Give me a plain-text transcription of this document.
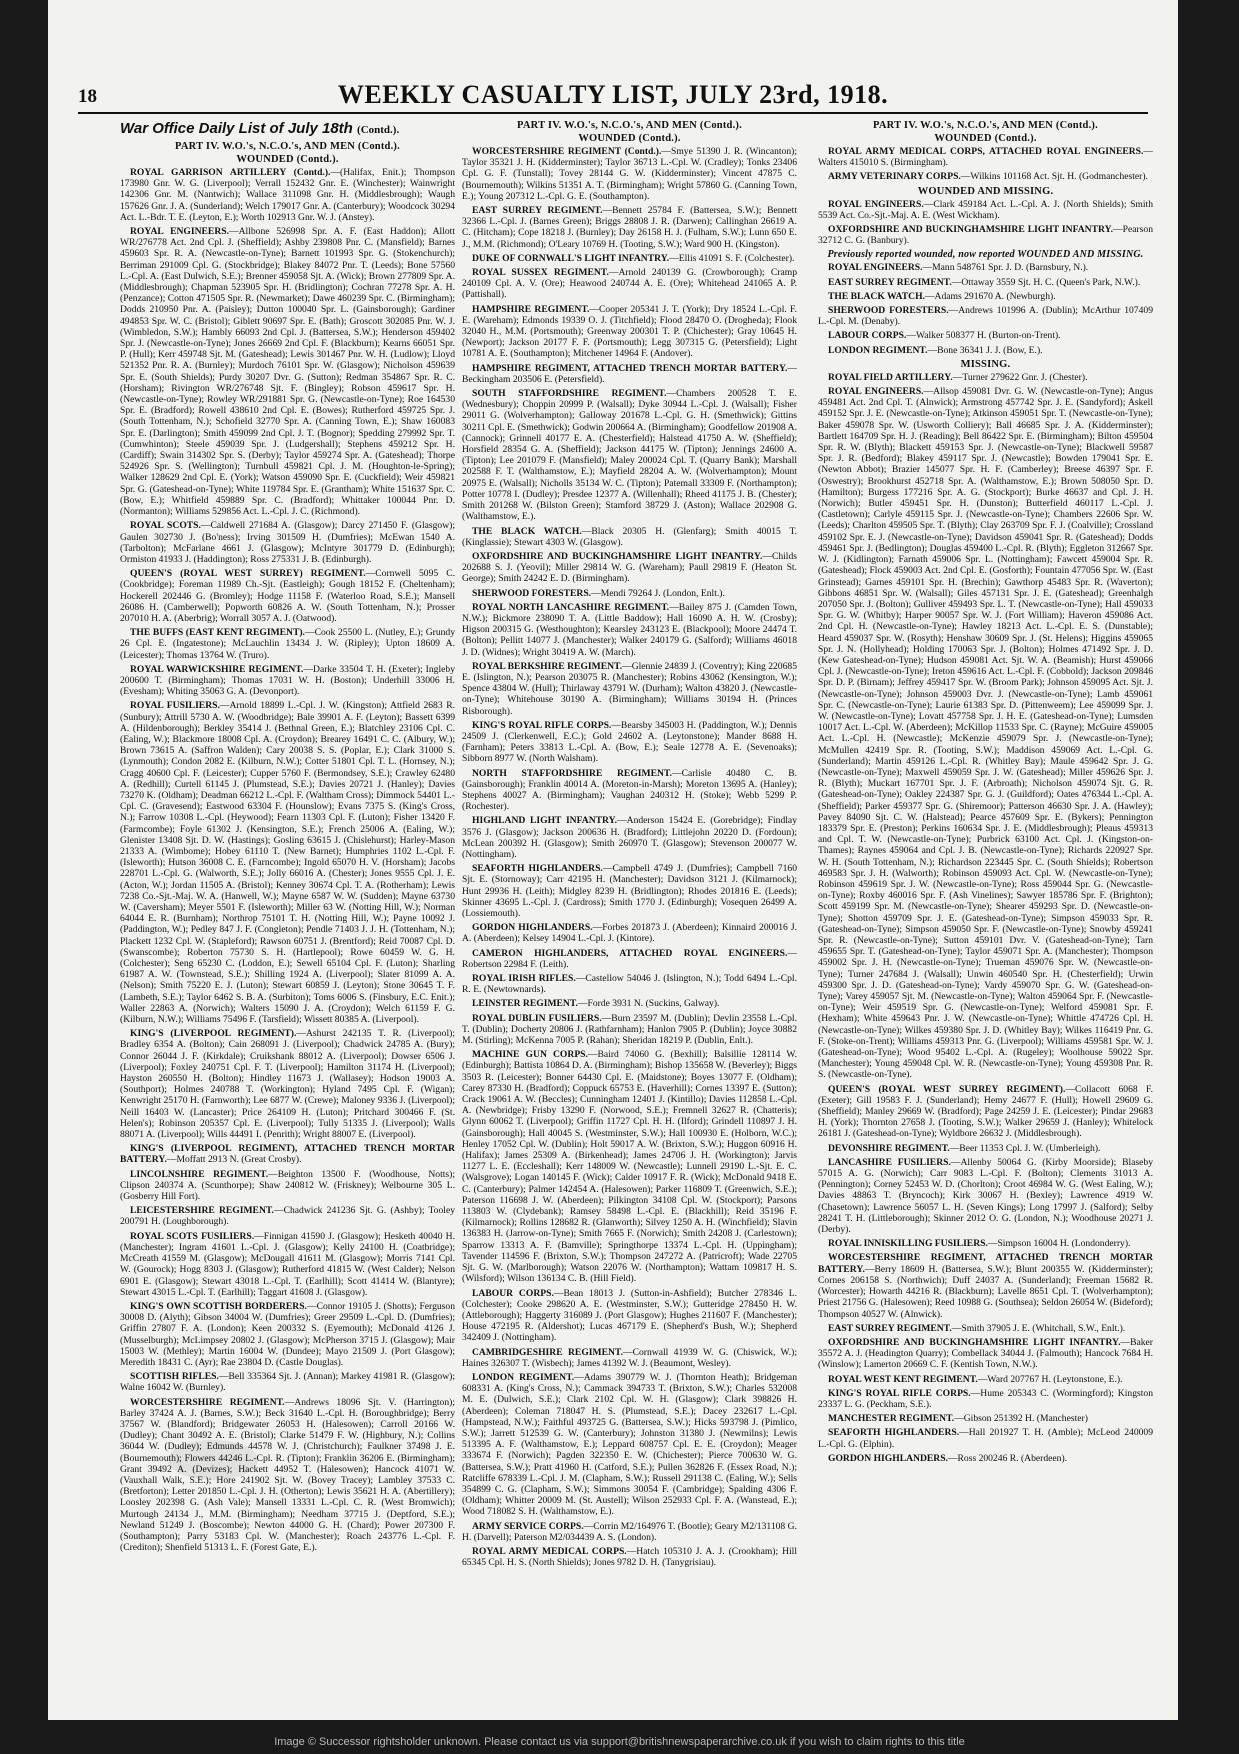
18	WEEKLY CASUALTY LIST, JULY 23rd, 1918.
War Office Daily List of July 18th (Contd.).
PART IV. W.O.'s, N.C.O.'s, AND MEN (Contd.).
WOUNDED (Contd.).

ROYAL GARRISON ARTILLERY (Contd.).—(Halifax, Enit.); Thompson 173980 Gnr. W. G. (Liverpool); Verrall 152432 Gnr. E. (Winchester); Wainwright 142306 Gnr. M. (Nantwich); Wallace 311098 Gnr. H. (Middlesbrough); Waugh 157626 Gnr. J. A. (Sunderland); Welch 179017 Gnr. A. (Canterbury); Woodcock 30294 Act. L.-Bdr. T. E. (Leyton, E.); Worth 102913 Gnr. W. J. (Anstey).

ROYAL ENGINEERS.—Allbone 526998 Spr. A. F. (East Haddon); Allott WR/276778 Act. 2nd Cpl. J. (Sheffield); Ashby 239808 Pnr. C. (Mansfield); Barnes 459603 Spr. R. A. (Newcastle-on-Tyne); Barnett 101993 Spr. G. (Stokenchurch); Berriman 291009 Cpl. G. (Stockbridge); Blakey 84072 Pnr. T. (Leeds); Bone 57560 L.-Cpl. A. (East Dulwich, S.E.); Brenner 459058 Sjt. A. (Wick); Brown 277809 Spr. A. (Middlesbrough); Chapman 523905 Spr. H. (Bridlington); Cochran 77278 Spr. A. H. (Penzance); Cotton 471505 Spr. R. (Newmarket); Dawe 460239 Spr. C. (Birmingham); Dodds 210950 Pnr. A. (Paisley); Dutton 100040 Spr. L. (Gainsborough); Gardiner 494853 Spr. W. C. (Bristol); Giblett 90697 Spr. E. (Bath); Groscott 302085 Pnr. W. J. (Wimbledon, S.W.); Hambly 66093 2nd Cpl. J. (Battersea, S.W.); Henderson 459402 Spr. J. (Newcastle-on-Tyne); Jones 26669 2nd Cpl. F. (Blackburn); Kearns 66051 Spr. P. (Hull); Kerr 459748 Sjt. M. (Gateshead); Lewis 301467 Pnr. W. H. (Ludlow); Lloyd 521352 Pnr. R. A. (Burnley); Murdoch 76101 Spr. W. (Glasgow); Nicholson 459639 Spr. E. (South Shields); Purdy 30207 Dvr. G. (Sutton); Redman 354867 Spr. R. C. (Horsham); Rivington WR/276748 Sjt. F. (Bingley); Robson 459617 Spr. H. (Newcastle-on-Tyne); Rowley WR/291881 Spr. G. (Newcastle-on-Tyne); Roe 164530 Spr. E. (Bradford); Rowell 438610 2nd Cpl. E. (Bowes); Rutherford 459725 Spr. J. (South Tottenham, N.); Schofield 32770 Spr. A. (Canning Town, E.); Shaw 160083 Spr. E. (Darlington); Smith 459099 2nd Cpl. J. T. (Bognor); Spedding 279992 Spr. T. (Cumwhinton); Steele 459039 Spr. J. (Ludgershall); Stephens 459212 Spr. H. (Cardiff); Swain 314302 Spr. S. (Derby); Taylor 459274 Spr. A. (Gateshead); Thorpe 524926 Spr. S. (Wellington); Turnbull 459821 Cpl. J. M. (Houghton-le-Spring); Walker 128629 2nd Cpl. E. (York); Watson 459090 Spr. E. (Cuckfield); Weir 459821 Spr. G. (Gateshead-on-Tyne); White 119784 Spr. E. (Grantham); White 151637 Spr. C. (Bow, E.); Whitfield 459889 Spr. C. (Bradford); Whittaker 100044 Pnr. D. (Normanton); Williams 529856 Act. L.-Cpl. J. C. (Richmond).

ROYAL SCOTS.—Caldwell 271684 A. (Glasgow); Darcy 271450 F. (Glasgow); Gaulen 302730 J. (Bo'ness); Irving 301509 H. (Dumfries); McEwan 1540 A. (Tarbolton); McFarlane 4661 J. (Glasgow); McIntyre 301779 D. (Edinburgh); Ormiston 41933 J. (Haddington); Ross 275331 J. B. (Edinburgh).

QUEEN'S (ROYAL WEST SURREY) REGIMENT.—Cornwell 5095 C. (Cookbridge); Foreman 11989 Ch.-Sjt. (Eastleigh); Gough 18152 F. (Cheltenham); Hockerell 202446 G. (Bromley); Hodge 11158 F. (Waterloo Road, S.E.); Mansell 26086 H. (Camberwell); Popworth 60826 A. W. (South Tottenham, N.); Prosser 207010 H. A. (Aberbrig); Worrall 3057 A. J. (Oatwood).

THE BUFFS (EAST KENT REGIMENT).—Cook 25500 L. (Nutley, E.); Grundy 26 Cpl. E. (Ingatestone); McLauchlin 13434 J. W. (Ripley); Upton 18609 A. (Leicester); Thomas 13764 W. (Truro).

ROYAL WARWICKSHIRE REGIMENT.—Darke 33504 T. H. (Exeter); Ingleby 200600 T. (Birmingham); Thomas 17031 W. H. (Boston); Underhill 33006 H. (Evesham); Whiting 35063 G. A. (Devonport).

ROYAL FUSILIERS.—Arnold 18899 L.-Cpl. J. W. (Kingston); Attfield 2683 R. (Sunbury); Attrill 5730 A. W. (Woodbridge); Bale 39901 A. F. (Leyton); Bassett 6399 A. (Hildenborough); Berkley 35414 J. (Bethnal Green, E.); Blatchley 23106 Cpl. C. (Ealing, W.); Blackmore 18008 Cpl. A. (Croydon); Brearey 16491 C. C. (Albury, W.); Brown 73615 A. (Saffron Walden); Cary 20038 S. S. (Poplar, E.); Clark 31000 S. (Lynmouth); Condon 2082 E. (Kilburn, N.W.); Cotter 51801 Cpl. T. L. (Hornsey, N.); Cragg 40600 Cpl. F. (Leicester); Cupper 5760 F. (Bermondsey, S.E.); Crawley 62480 A. (Redhill); Curtell 61145 J. (Plumstead, S.E.); Davies 20721 J. (Hanley); Davies 73270 K. (Oldham); Deadman 66212 L.-Cpl. F. (Waltham Cross); Dimmock 54401 L.-Cpl. C. (Gravesend); Eastwood 63304 F. (Hounslow); Evans 7375 S. (King's Cross, N.); Farrow 10308 L.-Cpl. (Heywood); Fearn 11303 Cpl. F. (Luton); Fisher 13420 F. (Farmcombe); Foyle 61302 J. (Kensington, S.E.); French 25006 A. (Ealing, W.); Glenister 13408 Sjt. D. W. (Hastings); Gosling 63615 J. (Chislehurst); Harley-Mason 21333 A. (Wimbome); Hobey 61110 T. (New Barnet); Humphries 1102 L.-Cpl. F. (Isleworth); Hutson 36008 C. E. (Farncombe); Ingold 65070 H. V. (Horsham); Jacobs 228701 L.-Cpl. G. (Walworth, S.E.); Jolly 66016 A. (Chester); Jones 9555 Cpl. J. E. (Acton, W.); Jordan 11505 A. (Bristol); Kenney 30674 Cpl. T. A. (Rotherham); Lewis 7238 Co.-Sjt.-Maj. W. A. (Hanwell, W.); Mayne 6587 W. W. (Sudden); Mayne 63730 W. (Caversham); Meyer 5501 F. (Isleworth); Miller 63 W. (Notting Hill, W.); Norman 64044 E. R. (Burnham); Northrop 75101 T. H. (Notting Hill, W.); Payne 10092 J. (Paddington, W.); Pedley 847 J. F. (Congleton); Pendle 71403 J. J. H. (Tottenham, N.); Plackett 1232 Cpl. W. (Stapleford); Rawson 60751 J. (Brentford); Reid 70087 Cpl. D. (Swanscombe); Roberton 75730 S. H. (Hartlepool); Rowe 60459 W. G. H. (Colchester); Seng 65230 C. (Loddon, E.); Sewell 65104 Cpl. F. (Luton); Sharling 61987 A. W. (Townstead, S.E.); Shilling 1924 A. (Liverpool); Slater 81099 A. A. (Nelson); Smith 75220 E. J. (Luton); Stewart 60859 J. (Leyton); Stone 30645 T. F. (Lambeth, S.E.); Taylor 6462 S. B. A. (Surbiton); Toms 6006 S. (Finsbury, E.C. Enit.); Waller 22863 A. (Norwich); Walters 15090 J. A. (Croydon); Welch 61159 F. G. (Kilburn, N.W.); Williams 75496 F. (Tarsfield); Wissett 80385 A. (Liverpool).

KING'S (LIVERPOOL REGIMENT).—Ashurst 242135 T. R. (Liverpool); Bradley 6354 A. (Bolton); Cain 268091 J. (Liverpool); Chadwick 24785 A. (Bury); Connor 26044 J. F. (Kirkdale); Cruikshank 88012 A. (Liverpool); Dowser 6506 J. (Liverpool); Foxley 240751 Cpl. F. T. (Liverpool); Hamilton 31174 H. (Liverpool); Hayston 260550 H. (Bolton); Hindley 11673 J. (Wallasey); Hodson 19003 A. (Southport); Holmes 240788 T. (Workington); Hyland 7495 Cpl. F. (Wigan); Kenwright 25170 H. (Farnworth); Lee 6877 W. (Crewe); Maloney 9336 J. (Liverpool); Neill 16403 W. (Lancaster); Price 264109 H. (Luton); Pritchard 300466 F. (St. Helen's); Robinson 205357 Cpl. E. (Liverpool); Tully 51335 J. (Liverpool); Walls 88071 A. (Liverpool); Wills 44491 I. (Penrith); Wright 88007 E. (Liverpool).

KING'S (LIVERPOOL REGIMENT), ATTACHED TRENCH MORTAR BATTERY.—Moffatt 2913 N. (Great Crosby).

LINCOLNSHIRE REGIMENT.—Beighton 13500 F. (Woodhouse, Notts); Clipson 240374 A. (Scunthorpe); Shaw 240812 W. (Friskney); Welbourne 305 L. (Gosberry Hill Fort).

LEICESTERSHIRE REGIMENT.—Chadwick 241236 Sjt. G. (Ashby); Tooley 200791 H. (Loughborough).

ROYAL SCOTS FUSILIERS.—Finnigan 41590 J. (Glasgow); Hesketh 40040 H. (Manchester); Ingram 41601 L.-Cpl. J. (Glasgow); Kelly 24100 H. (Coatbridge); McCreath 41559 M. (Glasgow); McDougall 41611 M. (Glasgow); Morris 7141 Cpl. W. (Gourock); Hogg 8303 J. (Glasgow); Rutherford 41815 W. (West Calder); Nelson 6901 E. (Glasgow); Stewart 43018 L.-Cpl. T. (Earlhill); Scott 41414 W. (Blantyre); Stewart 43015 L.-Cpl. T. (Earlhill); Taggart 41608 J. (Glasgow).

KING'S OWN SCOTTISH BORDERERS.—Connor 19105 J. (Shotts); Ferguson 30008 D. (Alyth); Gibson 34004 W. (Dumfries); Greer 29509 L.-Cpl. D. (Dumfries); Griffin 27807 F. A. (London); Keen 200332 S. (Eyemouth); McDonald 4126 J. (Musselburgh); McLimpsey 20802 J. (Glasgow); McPherson 3715 J. (Glasgow); Mair 15003 W. (Methley); Martin 16004 W. (Dundee); Mayo 21509 J. (Port Glasgow); Meredith 18431 C. (Ayr); Rae 23804 D. (Castle Douglas).

SCOTTISH RIFLES.—Bell 335364 Sjt. J. (Annan); Markey 41981 R. (Glasgow); Walne 16042 W. (Burnley).

WORCESTERSHIRE REGIMENT.—Andrews 18096 Sjt. V. (Harrington); Barley 37424 A. J. (Barnes, S.W.); Beck 31640 L.-Cpl. H. (Boroughbridge); Berry 37567 W. (Blandford); Bridgewater 26053 H. (Halesowen); Carroll 20166 W. (Dudley); Chant 30492 A. E. (Bristol); Clarke 51479 F. W. (Highbury, N.); Collins 36044 W. (Dudley); Edmunds 44578 W. J. (Christchurch); Faulkner 37498 J. E. (Bournemouth); Flowers 44246 L.-Cpl. R. (Tipton); Franklin 36206 E. (Birmingham); Grant 39492 A. (Devizes); Hackett 44952 T. (Halesowen); Hancock 41071 W. (Vauxhall Walk, S.E.); Hore 241902 Sjt. W. (Bovey Tracey); Lambley 37533 C. (Bretforton); Letter 201850 L.-Cpl. J. H. (Otherton); Lewis 35621 H. A. (Abertillery); Loosley 202398 G. (Ash Vale); Mansell 13331 L.-Cpl. C. R. (West Bromwich); Murtough 24134 J., M.M. (Birmingham); Needham 37715 J. (Deptford, S.E.); Newland 51249 J. (Boscombe); Newton 44000 G. H. (Chard); Power 207300 F. (Southampton); Parry 53183 Cpl. W. (Manchester); Roach 243776 L.-Cpl. F. (Crediton); Shenfield 51313 L. F. (Forest Gate, E.).

PART IV. W.O.'s, N.C.O.'s, AND MEN (Contd.).
WOUNDED (Contd.).

WORCESTERSHIRE REGIMENT (Contd.).—Smye 51390 J. R. (Wincanton); Taylor 35321 J. H. (Kidderminster); Taylor 36713 L.-Cpl. W. (Cradley); Tonks 23406 Cpl. G. F. (Tunstall); Tovey 28144 G. W. (Kidderminster); Vincent 47875 C. (Bournemouth); Wilkins 51351 A. T. (Birmingham); Wright 57860 G. (Canning Town, E.); Young 207312 L.-Cpl. G. E. (Southampton).

EAST SURREY REGIMENT.—Bennett 25784 F. (Battersea, S.W.); Bennett 32366 L.-Cpl. J. (Barnes Green); Briggs 28808 J. R. (Darwen); Callinghan 26619 A. C. (Hitcham); Cope 18218 J. (Burnley); Day 26158 H. J. (Fulham, S.W.); Lunn 650 E. J., M.M. (Richmond); O'Leary 10769 H. (Tooting, S.W.); Ward 900 H. (Kingston).

DUKE OF CORNWALL'S LIGHT INFANTRY.—Ellis 41091 S. F. (Colchester).

ROYAL SUSSEX REGIMENT.—Arnold 240139 G. (Crowborough); Cramp 240109 Cpl. A. V. (Ore); Heawood 240744 A. E. (Ore); Whitehead 241065 A. P. (Pattishall).

HAMPSHIRE REGIMENT.—Cooper 205341 J. T. (York); Dry 18524 L.-Cpl. F. E. (Wareham); Edmonds 19339 O. J. (Titchfield); Flood 28470 O. (Drogheda); Flook 32040 H., M.M. (Portsmouth); Greenway 200301 T. P. (Chichester); Gray 10645 H. (Newport); Jackson 20177 F. F. (Portsmouth); Legg 307315 G. (Petersfield); Light 10781 A. E. (Southampton); Mitchener 14964 F. (Andover).

HAMPSHIRE REGIMENT, ATTACHED TRENCH MORTAR BATTERY.—Beckingham 203506 E. (Petersfield).

SOUTH STAFFORDSHIRE REGIMENT.—Chambers 200528 T. E. (Wednesbury); Choppin 20999 P. (Walsall); Dyke 30944 L.-Cpl. J. (Walsall); Fisher 29011 G. (Wolverhampton); Galloway 201678 L.-Cpl. G. H. (Smethwick); Gittins 30211 Cpl. E. (Smethwick); Godwin 200664 A. (Birmingham); Goodfellow 201908 A. (Cannock); Grinnell 40177 E. A. (Chesterfield); Halstead 41750 A. W. (Sheffield); Horsfield 28354 G. A. (Sheffield); Jackson 44175 W. (Tipton); Jennings 24600 A. (Tipton); Lee 201079 F. (Mansfield); Maley 200024 Cpl. T. (Quarry Bank); Marshall 202588 F. T. (Walthamstow, E.); Mayfield 28204 A. W. (Wolverhampton); Mount 20975 E. (Walsall); Nicholls 35134 W. C. (Tipton); Patemall 33309 F. (Northampton); Potter 10778 I. (Dudley); Presdee 12377 A. (Willenhall); Rheed 41175 J. B. (Chester); Smith 201268 W. (Bilston Green); Stamford 38729 J. (Aston); Wallace 202908 G. (Walthamstow, E.).

THE BLACK WATCH.—Black 20305 H. (Glenfarg); Smith 40015 T. (Kinglassie); Stewart 4303 W. (Glasgow).

OXFORDSHIRE AND BUCKINGHAMSHIRE LIGHT INFANTRY.—Childs 202688 S. J. (Yeovil); Miller 29814 W. G. (Wareham); Paull 29819 F. (Heaton St. George); Smith 24242 E. D. (Birmingham).

SHERWOOD FORESTERS.—Mendi 79264 J. (London, Enlt.).

ROYAL NORTH LANCASHIRE REGIMENT.—Bailey 875 J. (Camden Town, N.W.); Bickmore 238090 T. A. (Little Baddow); Hall 16090 A. H. W. (Crosby); Higson 200315 G. (Westhoughton); Kearsley 243123 E. (Blackpool); Moore 24474 T. (Bolton); Pellitt 14077 J. (Manchester); Walker 240179 G. (Salford); Williams 46018 J. D. (Widnes); Wright 30419 A. W. (March).

ROYAL BERKSHIRE REGIMENT.—Glennie 24839 J. (Coventry); King 220685 E. (Islington, N.); Pearson 203075 R. (Manchester); Robins 43062 (Kensington, W.); Spence 43804 W. (Hull); Thirlaway 43791 W. (Durham); Walton 43820 J. (Newcastle-on-Tyne); Whitehouse 30190 A. (Birmingham); Williams 30194 H. (Princes Risborough).

KING'S ROYAL RIFLE CORPS.—Bearsby 345003 H. (Paddington, W.); Dennis 24509 J. (Clerkenwell, E.C.); Gold 24602 A. (Leytonstone); Mander 8688 H. (Farnham); Peters 33813 L.-Cpl. A. (Bow, E.); Seale 12778 A. E. (Sevenoaks); Sibborn 8977 W. (North Walsham).

NORTH STAFFORDSHIRE REGIMENT.—Carlisle 40480 C. B. (Gainsborough); Franklin 40014 A. (Moreton-in-Marsh); Moreton 13695 A. (Hanley); Stephens 40027 A. (Birmingham); Vaughan 240312 H. (Stoke); Webb 5299 P. (Rochester).

HIGHLAND LIGHT INFANTRY.—Anderson 15424 E. (Gorebridge); Findlay 3576 J. (Glasgow); Jackson 200636 H. (Bradford); Littlejohn 20220 D. (Fordoun); McLean 200392 H. (Glasgow); Smith 260970 T. (Glasgow); Stevenson 200077 W. (Nottingham).

SEAFORTH HIGHLANDERS.—Campbell 4749 J. (Dumfries); Campbell 7160 Sjt. E. (Stornoway); Carr 42195 H. (Manchester); Davidson 3121 J. (Kilmarnock); Hunt 29936 H. (Leith); Midgley 8239 H. (Bridlington); Rhodes 201816 E. (Leeds); Skinner 43695 L.-Cpl. J. (Cardross); Smith 1770 J. (Edinburgh); Vosequen 26499 A. (Lossiemouth).

GORDON HIGHLANDERS.—Forbes 201873 J. (Aberdeen); Kinnaird 200016 J. A. (Aberdeen); Kelsey 14904 L.-Cpl. J. (Kintore).

CAMERON HIGHLANDERS, ATTACHED ROYAL ENGINEERS.—Robertson 22984 F. (Leith).

ROYAL IRISH RIFLES.—Castellow 54046 J. (Islington, N.); Todd 6494 L.-Cpl. R. E. (Newtownards).

LEINSTER REGIMENT.—Forde 3931 N. (Suckins, Galway).

ROYAL DUBLIN FUSILIERS.—Burn 23597 M. (Dublin); Devlin 23558 L.-Cpl. T. (Dublin); Docherty 20806 J. (Rathfarnham); Hanlon 7905 P. (Dublin); Joyce 30882 M. (Stirling); McKenna 7005 P. (Rahan); Sheridan 18219 P. (Dublin, Enlt.).

MACHINE GUN CORPS.—Baird 74060 G. (Bexhill); Balsillie 128114 W. (Edinburgh); Battista 10864 D. A. (Birmingham); Bishop 135658 W. (Beverley); Biggs 3503 R. (Leicester); Bonner 64430 Cpl. E. (Maidstone); Boyes 13077 F. (Oldham); Carey 87330 H. (Bradford); Coppuck 65753 E. (Haverhill); Cornes 13397 E. (Sutton); Crack 19061 A. W. (Beccles); Cunningham 12401 J. (Kintillo); Davies 112858 L.-Cpl. A. (Newbridge); Frisby 13290 F. (Norwood, S.E.); Fremnell 32627 R. (Chatteris); Glynn 60062 T. (Liverpool); Griffin 11727 Cpl. H. H. (Ilford); Grindell 110897 J. H. (Gainsborough); Hall 40045 S. (Westminster, S.W.); Hall 100930 E. (Holborn, W.C.); Henley 17052 Cpl. W. (Dublin); Holt 59017 A. W. (Brixton, S.W.); Huggon 60916 H. (Halifax); James 25309 A. (Birkenhead); James 24706 J. H. (Workington); Jarvis 11277 L. E. (Eccleshall); Kerr 148009 W. (Newcastle); Lunnell 29190 L.-Sjt. E. C. (Walsgrove); Logan 140145 F. (Wick); Calder 10917 F. R. (Wick); McDonald 9418 E. C. (Canterbury); Palmer 142454 A. (Halesowen); Parker 116809 T. (Greenwich, S.E.); Paterson 116698 J. W. (Aberdeen); Pilkington 34108 Cpl. W. (Stockport); Parsons 113803 W. (Clydebank); Ramsey 58498 L.-Cpl. E. (Blackhill); Reid 35196 F. (Kilmarnock); Rollins 128682 R. (Glanworth); Silvey 1250 A. H. (Winchfield); Slavin 136383 H. (Jarrow-on-Tyne); Smith 7665 F. (Norwich); Smith 24208 J. (Carlestown); Sparrow 13313 A. F. (Bamville); Springthorpe 13374 L.-Cpl. H. (Uppingham); Tavender 114596 F. (Brixton, S.W.); Thompson 247272 A. (Patricroft); Wade 22705 Sjt. G. W. (Marlborough); Watson 22076 W. (Northampton); Wattam 109817 H. S. (Wilsford); Wilson 136134 C. B. (Hill Field).

LABOUR CORPS.—Bean 18013 J. (Sutton-in-Ashfield); Butcher 278346 L. (Colchester); Cooke 298620 A. E. (Westminster, S.W.); Gutteridge 278450 H. W. (Attleborough); Haggerty 316089 J. (Port Glasgow); Hughes 211607 F. (Manchester); House 472195 R. (Aldershot); Lucas 467179 E. (Shepherd's Bush, W.); Shepherd 342409 J. (Nottingham).

CAMBRIDGESHIRE REGIMENT.—Cornwall 41939 W. G. (Chiswick, W.); Haines 326307 T. (Wisbech); James 41392 W. J. (Beaumont, Wesley).

LONDON REGIMENT.—Adams 390779 W. J. (Thornton Heath); Bridgeman 608331 A. (King's Cross, N.); Cammack 394733 T. (Brixton, S.W.); Charles 532008 M. E. (Dulwich, S.E.); Clark 2102 Cpl. W. H. (Glasgow); Clark 398826 H. (Aberdeen); Coleman 718047 H. S. (Plumstead, S.E.); Dacey 232617 L.-Cpl. (Hampstead, N.W.); Faithful 493725 G. (Battersea, S.W.); Hicks 593798 J. (Pimlico, S.W.); Jarrett 512539 G. W. (Canterbury); Johnston 31380 J. (Newmilns); Lewis 513395 A. F. (Walthamstow, E.); Leppard 608757 Cpl. E. E. (Croydon); Meager 333674 F. (Norwich); Pagden 322350 E. W. (Chichester); Pierce 700630 W. G. (Battersea, S.W.); Pratt 41960 H. (Catford, S.E.); Pullen 362826 F. (Essex Road, N.); Ratcliffe 678339 L.-Cpl. J. M. (Clapham, S.W.); Russell 291138 C. (Ealing, W.); Sells 354899 C. G. (Clapham, S.W.); Simmons 30054 F. (Cambridge); Spalding 4306 F. (Oldham); Whitter 20009 M. (St. Austell); Wilson 252933 Cpl. F. A. (Wanstead, E.); Wood 718082 S. H. (Walthamstow, E.).

ARMY SERVICE CORPS.—Corrin M2/164976 T. (Bootle); Geary M2/131108 G. H. (Darvell); Paterson M2/034439 A. S. (London).

ROYAL ARMY MEDICAL CORPS.—Hatch 105310 J. A. J. (Crookham); Hill 65345 Cpl. H. S. (North Shields); Jones 9782 D. H. (Tanygrisiau).

PART IV. W.O.'s, N.C.O.'s, AND MEN (Contd.).
WOUNDED (Contd.).

ROYAL ARMY MEDICAL CORPS, ATTACHED ROYAL ENGINEERS.—Walters 415010 S. (Birmingham).

ARMY VETERINARY CORPS.—Wilkins 101168 Act. Sjt. H. (Godmanchester).

WOUNDED AND MISSING.

ROYAL ENGINEERS.—Clark 459184 Act. L.-Cpl. A. J. (North Shields); Smith 5539 Act. Co.-Sjt.-Maj. A. E. (West Wickham).

OXFORDSHIRE AND BUCKINGHAMSHIRE LIGHT INFANTRY.—Pearson 32712 C. G. (Banbury).

Previously reported wounded, now reported WOUNDED AND MISSING.

ROYAL ENGINEERS.—Mann 548761 Spr. J. D. (Barnsbury, N.).

EAST SURREY REGIMENT.—Ottaway 3559 Sjt. H. C. (Queen's Park, N.W.).

THE BLACK WATCH.—Adams 291670 A. (Newburgh).

SHERWOOD FORESTERS.—Andrews 101996 A. (Dublin); McArthur 107409 L.-Cpl. M. (Denaby).

LABOUR CORPS.—Walker 508377 H. (Burton-on-Trent).

LONDON REGIMENT.—Bone 36341 J. J. (Bow, E.).

MISSING.

ROYAL FIELD ARTILLERY.—Turner 279622 Gnr. J. (Chester).

ROYAL ENGINEERS.—Allsop 459081 Dvr. G. W. (Newcastle-on-Tyne); Angus 459481 Act. 2nd Cpl. T. (Alnwick); Armstrong 457742 Spr. J. E. (Sandyford); Askell 459152 Spr. J. E. (Newcastle-on-Tyne); Atkinson 459051 Spr. T. (Newcastle-on-Tyne); Baker 459078 Spr. W. (Usworth Colliery); Ball 46685 Spr. J. A. (Kidderminster); Bartlett 164709 Spr. H. J. (Reading); Bell 86422 Spr. E. (Birmingham); Bilton 459504 Spr. R. W. (Blyth); Blackett 459153 Spr. J. (Newcastle-on-Tyne); Blackwell 59587 Spr. J. R. (Bedford); Blakey 459117 Spr. J. (Newcastle); Bowden 179041 Spr. E. (Newton Abbot); Brazier 145077 Spr. H. F. (Camberley); Breese 46397 Spr. F. (Oswestry); Brookhurst 452718 Spr. A. (Walthamstow, E.); Brown 508050 Spr. D. (Hamilton); Burgess 177216 Spr. A. G. (Stockport); Burke 46637 and Cpl. J. H. (Norwich); Butler 459451 Spr. H. (Dunston); Butterfield 460117 L.-Cpl. J. (Castletown); Carlyle 459115 Spr. J. (Newcastle-on-Tyne); Chambers 22606 Spr. W. (Leeds); Charlton 459505 Spr. T. (Blyth); Clay 263709 Spr. F. J. (Coalville); Crossland 459102 Spr. E. J. (Newcastle-on-Tyne); Davidson 459041 Spr. R. (Gateshead); Dodds 459461 Spr. J. (Bedlington); Douglas 459400 L.-Cpl. R. (Blyth); Eggleton 312667 Spr. W. J. (Kidlington); Farnath 459006 Spr. L. (Nottingham); Fawcett 459004 Spr. R. (Gateshead); Flock 459003 Act. 2nd Cpl. E. (Gosforth); Fountain 477056 Spr. W. (East Grinstead); Garnes 459101 Spr. H. (Brechin); Gawthorp 45483 Spr. R. (Waverton); Gibbons 46851 Spr. W. (Walsall); Giles 457131 Spr. J. E. (Gateshead); Greenhalgh 207050 Spr. J. (Bolton); Gulliver 459493 Spr. L. T. (Newcastle-on-Tyne); Hall 459033 Spr. G. W. (Whitby); Harper 90057 Spr. W. J. (Fort William); Haveron 459086 Act. 2nd Cpl. H. (Newcastle-on-Tyne); Hawley 18213 Act. L.-Cpl. E. S. (Dunstable); Heard 459037 Spr. W. (Rosyth); Henshaw 30609 Spr. J. (St. Helens); Higgins 459065 Spr. J. N. (Hollyhead); Holding 170063 Spr. J. (Bolton); Holmes 471492 Spr. J. D. (Kew Gateshead-on-Tyne); Hudson 459081 Act. Sjt. W. A. (Beamish); Hurst 459066 Cpl. J. (Newcastle-on-Tyne); Ireton 459616 Act. L.-Cpl. F. (Cobbold); Jackson 209846 Spr. D. P. (Birnam); Jeffrey 459417 Spr. W. (Broom Park); Johnson 459095 Act. Sjt. J. (Newcastle-on-Tyne); Johnson 459003 Dvr. J. (Newcastle-on-Tyne); Lamb 459061 Spr. C. (Newcastle-on-Tyne); Laurie 61383 Spr. D. (Pittenweem); Lee 459099 Spr. J. W. (Newcastle-on-Tyne); Lovatt 457758 Spr. J. H. E. (Gateshead-on-Tyne); Lumsden 10017 Act. L.-Cpl. W. (Aberdeen); McKillop 11533 Spr. C. (Rayne); McGuire 459005 Act. L.-Cpl. H. (Newcastle); McKenzie 459079 Spr. J. (Newcastle-on-Tyne); McMullen 42419 Spr. R. (Tooting, S.W.); Maddison 459069 Act. L.-Cpl. G. (Sunderland); Martin 459126 L.-Cpl. R. (Whitley Bay); Maule 459642 Spr. J. G. (Newcastle-on-Tyne); Maxwell 459059 Spr. J. W. (Gateshead); Miller 459626 Spr. J. R. (Blyth); Muckart 167701 Spr. J. F. (Arbroath); Nicholson 459074 Sjt. G. R. (Gateshead-on-Tyne); Oakley 224387 Spr. G. J. (Guildford); Oates 476344 L.-Cpl. A. (Sheffield); Parker 459377 Spr. G. (Shiremoor); Patterson 46630 Spr. J. A. (Hawley); Pavey 84090 Sjt. C. W. (Halstead); Pearce 457609 Spr. E. (Bykers); Pennington 183379 Spr. E. (Preston); Perkins 160634 Spr. J. E. (Middlesbrough); Pleaus 459313 and Cpl. T. W. (Newcastle-on-Tyne); Purbrick 63100 Act. Cpl. J. (Kingston-on-Thames); Raynes 459064 and Cpl. J. B. (Newcastle-on-Tyne); Richards 220927 Spr. W. H. (South Tottenham, N.); Richardson 223445 Spr. C. (South Shields); Robertson 469583 Spr. J. H. (Walworth); Robinson 459093 Act. Cpl. W. (Newcastle-on-Tyne); Robinson 459619 Spr. J. W. (Newcastle-on-Tyne); Ross 459044 Spr. G. (Newcastle-on-Tyne); Roxby 460016 Spr. F. (Ash Vinelines); Sawyer 185786 Spr. F. (Brighton); Scott 459199 Spr. M. (Newcastle-on-Tyne); Shearer 459293 Spr. D. (Newcastle-on-Tyne); Shotton 459709 Spr. J. E. (Gateshead-on-Tyne); Simpson 459033 Spr. R. (Gateshead-on-Tyne); Simpson 459050 Spr. F. (Newcastle-on-Tyne); Snowby 459241 Spr. R. (Newcastle-on-Tyne); Sutton 459101 Dvr. V. (Gateshead-on-Tyne); Tarn 459655 Spr. T. (Gateshead-on-Tyne); Taylor 459071 Spr. A. (Manchester); Thompson 459002 Spr. J. H. (Newcastle-on-Tyne); Trueman 459076 Spr. W. (Newcastle-on-Tyne); Turner 247684 J. (Walsall); Unwin 460540 Spr. H. (Chesterfield); Urwin 459300 Spr. J. D. (Gateshead-on-Tyne); Vardy 459070 Spr. G. W. (Gateshead-on-Tyne); Varey 459057 Sjt. M. (Newcastle-on-Tyne); Walton 459064 Spr. F. (Newcastle-on-Tyne); Weir 459519 Spr. G. (Newcastle-on-Tyne); Welford 459081 Spr. F. (Hexham); White 459643 Pnr. J. W. (Newcastle-on-Tyne); Whittle 474726 Cpl. H. (Newcastle-on-Tyne); Wilkes 459380 Spr. J. D. (Whitley Bay); Wilkes 116419 Pnr. G. F. (Stoke-on-Trent); Williams 459313 Pnr. G. (Liverpool); Williams 459581 Spr. W. J. (Gateshead-on-Tyne); Wood 95402 L.-Cpl. A. (Rugeley); Woolhouse 59022 Spr. (Manchester); Young 459048 Cpl. W. R. (Newcastle-on-Tyne); Young 459308 Pnr. R. S. (Newcastle-on-Tyne).

QUEEN'S (ROYAL WEST SURREY REGIMENT).—Collacott 6068 F. (Exeter); Gill 19583 F. J. (Sunderland); Hemy 24677 F. (Hull); Howell 29609 G. (Sheffield); Manley 29669 W. (Bradford); Page 24259 J. E. (Leicester); Pindar 29683 H. (York); Thornton 27658 J. (Tooting, S.W.); Walker 29659 J. (Hanley); Whitelock 26181 J. (Gateshead-on-Tyne); Wyldbore 26632 J. (Middlesbrough).

DEVONSHIRE REGIMENT.—Beer 11353 Cpl. J. W. (Umberleigh).

LANCASHIRE FUSILIERS.—Allenby 50064 G. (Kirby Moorside); Blaseby 57015 A. G. (Norwich); Carr 9083 L.-Cpl. F. (Bolton); Clements 31013 A. (Pennington); Corney 52453 W. D. (Chorlton); Croot 46984 W. G. (West Ealing, W.); Davies 48863 T. (Bryncoch); Kirk 30067 H. (Bexley); Lawrence 4919 W. (Chasetown); Lawrence 56057 L. H. (Seven Kings); Long 17997 J. (Salford); Selby 28241 T. H. (Littleborough); Skinner 2012 O. G. (London, N.); Woodhouse 20271 J. (Derby).

ROYAL INNISKILLING FUSILIERS.—Simpson 16004 H. (Londonderry).

WORCESTERSHIRE REGIMENT, ATTACHED TRENCH MORTAR BATTERY.—Berry 18609 H. (Battersea, S.W.); Blunt 200355 W. (Kidderminster); Cornes 206158 S. (Northwich); Duff 24037 A. (Sunderland); Freeman 15682 R. (Worcester); Howarth 44216 R. (Blackburn); Lavelle 8651 Cpl. T. (Wolverhampton); Priest 21756 G. (Halesowen); Reed 10988 G. (Southsea); Seldon 26054 W. (Bideford); Thompson 40527 W. (Alnwick).

EAST SURREY REGIMENT.—Smith 37905 J. E. (Whitchall, S.W., Enlt.).

OXFORDSHIRE AND BUCKINGHAMSHIRE LIGHT INFANTRY.—Baker 35572 A. J. (Headington Quarry); Combellack 34044 J. (Falmouth); Hancock 7684 H. (Winslow); Lamerton 20669 C. F. (Kentish Town, N.W.).

ROYAL WEST KENT REGIMENT.—Ward 207767 H. (Leytonstone, E.).

KING'S ROYAL RIFLE CORPS.—Hume 205343 C. (Wormingford); Kingston 23337 L. G. (Peckham, S.E.).

MANCHESTER REGIMENT.—Gibson 251392 H. (Manchester)

SEAFORTH HIGHLANDERS.—Hall 201927 T. H. (Amble); McLeod 240009 L.-Cpl. G. (Elphin).

GORDON HIGHLANDERS.—Ross 200246 R. (Aberdeen).

Image © Successor rightsholder unknown. Please contact us via support@britishnewspaperarchive.co.uk if you wish to claim rights to this title
